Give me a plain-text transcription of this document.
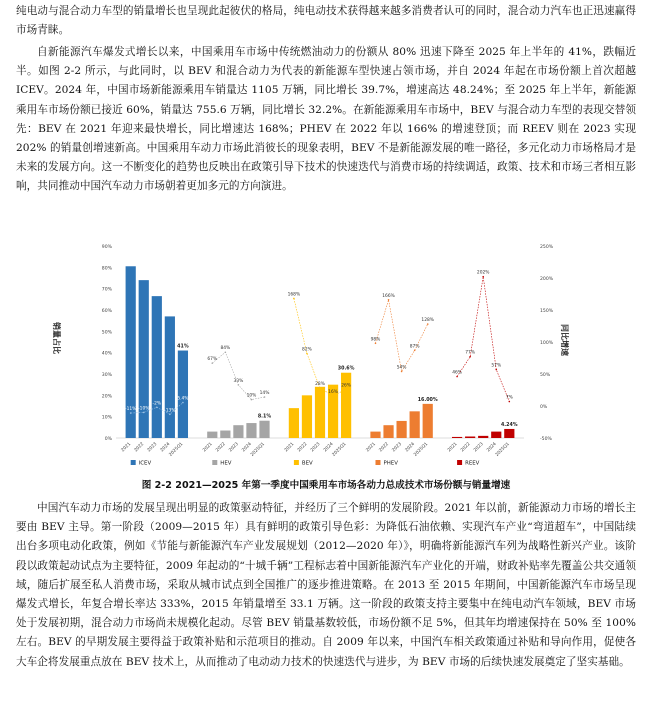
纯电动与混合动力车型的销量增长也呈现此起彼伏的格局，纯电动技术获得越来越多消费者认可的同时，混合动力汽车也正迅速赢得市场青睐。

自新能源汽车爆发式增长以来，中国乘用车市场中传统燃油动力的份额从 80% 迅速下降至 2025 年上半年的 41%，跌幅近半。如图 2-2 所示，与此同时，以 BEV 和混合动力为代表的新能源车型快速占领市场，并自 2024 年起在市场份额上首次超越 ICEV。2024 年，中国市场新能源乘用车销量达 1105 万辆，同比增长 39.7%，增速高达 48.24%；至 2025 年上半年，新能源乘用车市场份额已接近 60%，销量达 755.6 万辆，同比增长 32.2%。在新能源乘用车市场中，BEV 与混合动力车型的表现交替领先：BEV 在 2021 年迎来最快增长，同比增速达 168%；PHEV 在 2022 年以 166% 的增速登顶；而 REEV 则在 2023 实现 202% 的销量创增速新高。中国乘用车动力市场此消彼长的现象表明，BEV 不是新能源发展的唯一路径，多元化动力市场格局才是未来的发展方向。这一不断变化的趋势也反映出在政策引导下技术的快速迭代与消费市场的持续调适，政策、技术和市场三者相互影响，共同推动中国汽车动力市场朝着更加多元的方向演进。

0%
10%
20%
30%
40%
50%
60%
70%
80%
90%
-50%
0%
50%
100%
150%
200%
250%
销量占比	同比增速
2021 2022 2023 2024
2025Q1
41%
-11% -10%
-2%
-13%
5.4%
ICEV
2021 2022 2023 2024
2025Q1
8.1%
67%
84%
33%
10%
14%
HEV
2021 2022 2023 2024
2025Q1
30.6%
168%
82%
28%
16%
26%
BEV
2021 2022 2023 2024
2025Q1
16.00%
98%
166%
54%
87%
128%
PHEV
2021 2022 2023 2024
2025Q1
4.24%
46%
77%
202%
57%
7%
REEV
图 2-2 2021—2025 年第一季度中国乘用车市场各动力总成技术市场份额与销量增速

中国汽车动力市场的发展呈现出明显的政策驱动特征，并经历了三个鲜明的发展阶段。2021 年以前，新能源动力市场的增长主要由 BEV 主导。第一阶段（2009—2015 年）具有鲜明的政策引导色彩：为降低石油依赖、实现汽车产业“弯道超车”，中国陆续出台多项电动化政策，例如《节能与新能源汽车产业发展规划（2012—2020 年）》，明确将新能源汽车列为战略性新兴产业。该阶段以政策起动试点为主要特征，2009 年起动的“十城千辆”工程标志着中国新能源汽车产业化的开端，财政补贴率先覆盖公共交通领域，随后扩展至私人消费市场，采取从城市试点到全国推广的逐步推进策略。在 2013 至 2015 年期间，中国新能源汽车市场呈现爆发式增长，年复合增长率达 333%，2015 年销量增至 33.1 万辆。这一阶段的政策支持主要集中在纯电动汽车领域，BEV 市场处于发展初期，混合动力市场尚未规模化起动。尽管 BEV 销量基数较低，市场份额不足 5%，但其年均增速保持在 50% 至 100% 左右。BEV 的早期发展主要得益于政策补贴和示范项目的推动。自 2009 年以来，中国汽车相关政策通过补贴和导向作用，促使各大车企将发展重点放在 BEV 技术上，从而推动了电动动力技术的快速迭代与进步，为 BEV 市场的后续快速发展奠定了坚实基础。
